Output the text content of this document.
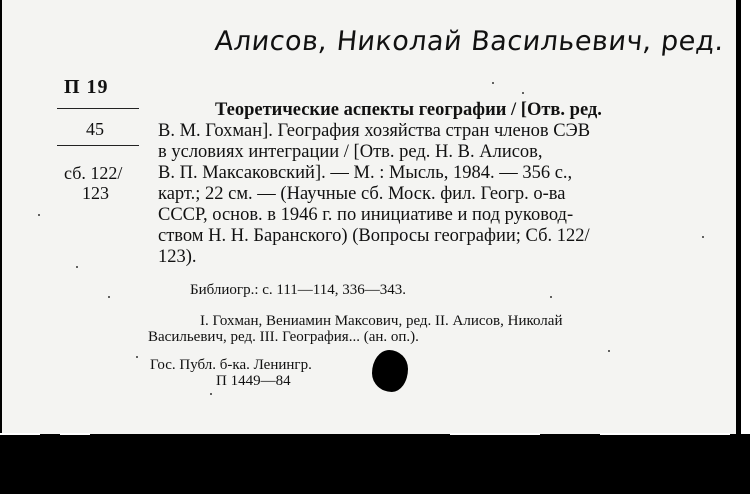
Алисов, Николай Васильевич, ред.
П 19
45
сб. 122/
123
Теоретические аспекты географии / [Отв. ред.
В. М. Гохман]. География хозяйства стран членов СЭВ
в условиях интеграции / [Отв. ред. Н. В. Алисов,
В. П. Максаковский]. — М. : Мысль, 1984. — 356 с.,
карт.; 22 см. — (Научные сб. Моск. фил. Геогр. о-ва
СССР, основ. в 1946 г. по инициативе и под руковод-
ством Н. Н. Баранского) (Вопросы географии; Сб. 122/
123).
Библиогр.: с. 111—114, 336—343.
I. Гохман, Вениамин Максович, ред. II. Алисов, Николай
Васильевич, ред. III. География... (ан. оп.).
Гос. Публ. б-ка. Ленингр.
П 1449—84
